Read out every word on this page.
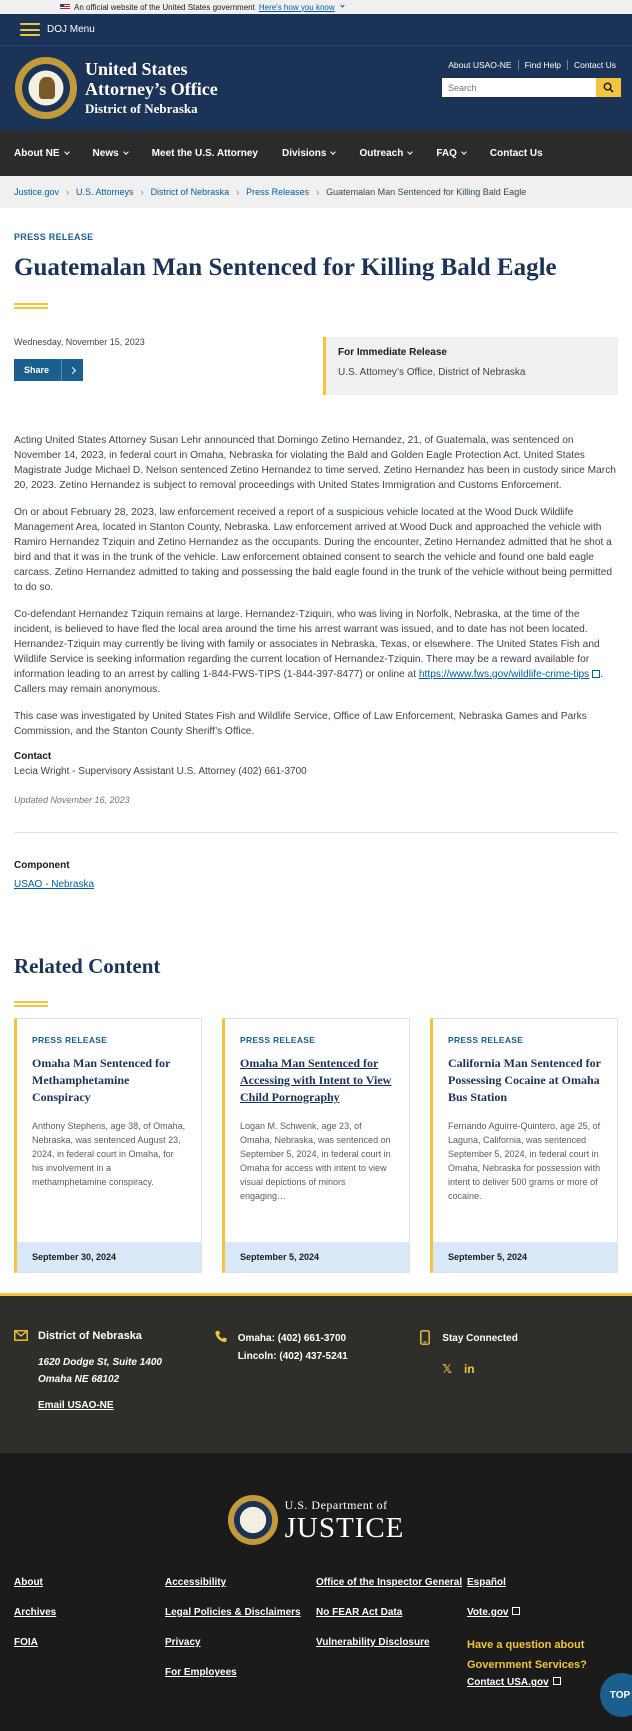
An official website of the United States government Here's how you know
DOJ Menu
United States
Attorney’s Office
District of Nebraska
About USAO-NE	Find Help	Contact Us
Search
About NE	News	Meet the U.S. Attorney Divisions	Outreach	FAQ	Contact Us
Justice.gov › U.S. Attorneys › District of Nebraska › Press Releases › Guatemalan Man Sentenced for Killing Bald Eagle
PRESS RELEASE
Guatemalan Man Sentenced for Killing Bald Eagle
Wednesday, November 15, 2023
Share
For Immediate Release
U.S. Attorney’s Office, District of Nebraska

Acting United States Attorney Susan Lehr announced that Domingo Zetino Hernandez, 21, of Guatemala, was sentenced on November 14, 2023, in federal court in Omaha, Nebraska for violating the Bald and Golden Eagle Protection Act. United States Magistrate Judge Michael D. Nelson sentenced Zetino Hernandez to time served. Zetino Hernandez has been in custody since March 20, 2023. Zetino Hernandez is subject to removal proceedings with United States Immigration and Customs Enforcement.

On or about February 28, 2023, law enforcement received a report of a suspicious vehicle located at the Wood Duck Wildlife Management Area, located in Stanton County, Nebraska. Law enforcement arrived at Wood Duck and approached the vehicle with Ramiro Hernandez Tziquin and Zetino Hernandez as the occupants. During the encounter, Zetino Hernandez admitted that he shot a bird and that it was in the trunk of the vehicle. Law enforcement obtained consent to search the vehicle and found one bald eagle carcass. Zetino Hernandez admitted to taking and possessing the bald eagle found in the trunk of the vehicle without being permitted to do so.

Co-defendant Hernandez Tziquin remains at large. Hernandez-Tziquin, who was living in Norfolk, Nebraska, at the time of the incident, is believed to have fled the local area around the time his arrest warrant was issued, and to date has not been located. Hernandez-Tziquin may currently be living with family or associates in Nebraska, Texas, or elsewhere. The United States Fish and Wildlife Service is seeking information regarding the current location of Hernandez-Tziquin. There may be a reward available for information leading to an arrest by calling 1-844-FWS-TIPS (1-844-397-8477) or online at https://www.fws.gov/wildlife-crime-tips . Callers may remain anonymous.

This case was investigated by United States Fish and Wildlife Service, Office of Law Enforcement, Nebraska Games and Parks Commission, and the Stanton County Sheriff’s Office.

Contact
Lecia Wright - Supervisory Assistant U.S. Attorney (402) 661-3700
Updated November 16, 2023
Component
USAO - Nebraska
Related Content
PRESS RELEASE
Omaha Man Sentenced for Methamphetamine Conspiracy
Anthony Stephens, age 38, of Omaha, Nebraska, was sentenced August 23, 2024, in federal court in Omaha, for his involvement in a methamphetamine conspiracy.
September 30, 2024
PRESS RELEASE
Omaha Man Sentenced for Accessing with Intent to View Child Pornography
Logan M. Schwenk, age 23, of Omaha, Nebraska, was sentenced on September 5, 2024, in federal court in Omaha for access with intent to view visual depictions of minors engaging…
September 5, 2024
PRESS RELEASE
California Man Sentenced for Possessing Cocaine at Omaha Bus Station
Fernando Aguirre-Quintero, age 25, of Laguna, California, was sentenced September 5, 2024, in federal court in Omaha, Nebraska for possession with intent to deliver 500 grams or more of cocaine.
September 5, 2024
District of Nebraska
1620 Dodge St, Suite 1400
Omaha NE 68102
Email USAO-NE
Omaha: (402) 661-3700
Lincoln: (402) 437-5241
Stay Connected
𝕏 in
U.S. Department of
JUSTICE
About
Archives
FOIA
Accessibility
Legal Policies & Disclaimers
Privacy
For Employees
Office of the Inspector General
No FEAR Act Data
Vulnerability Disclosure
Español
Vote.gov
Have a question about Government Services?
Contact USA.gov
TOP
